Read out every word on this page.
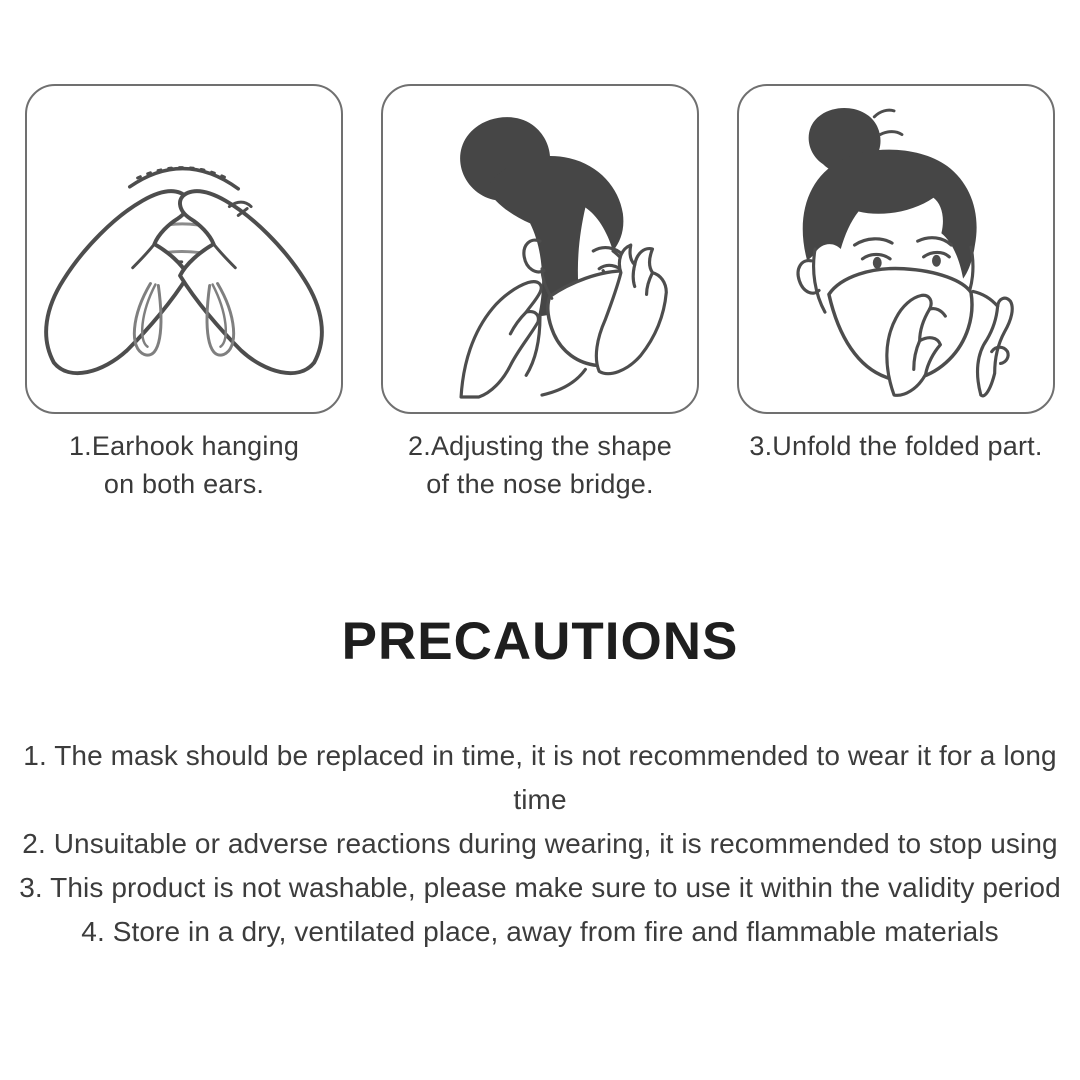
1.Earhook hanging
on both ears.
2.Adjusting the shape
of the nose bridge.
3.Unfold the folded part.
PRECAUTIONS
1. The mask should be replaced in time, it is not recommended to wear it for a long time
2. Unsuitable or adverse reactions during wearing, it is recommended to stop using
3. This product is not washable, please make sure to use it within the validity period
4. Store in a dry, ventilated place, away from fire and flammable materials
